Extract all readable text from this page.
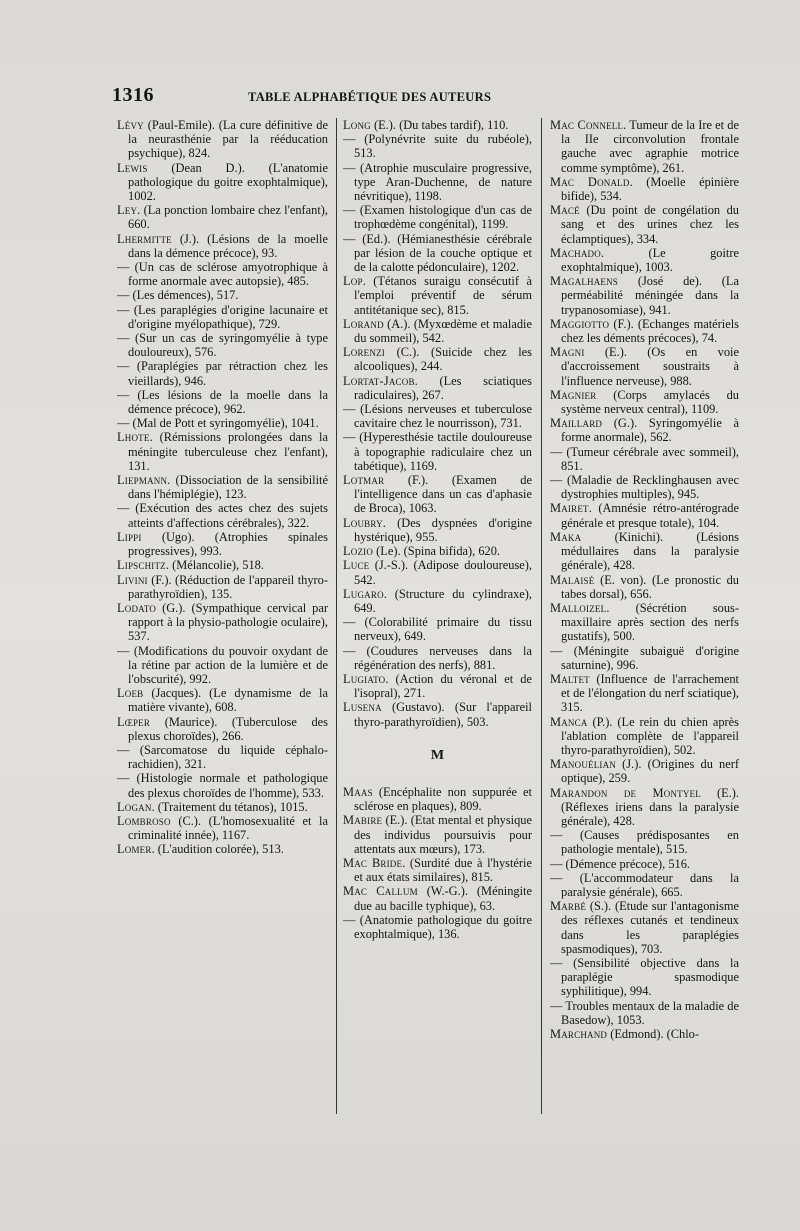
1316	TABLE ALPHABÉTIQUE DES AUTEURS
Lévy (Paul-Emile). (La cure définitive de la neurasthénie par la rééducation psychique), 824.
Lewis (Dean D.). (L'anatomie pathologique du goitre exophtalmique), 1002.
Ley. (La ponction lombaire chez l'enfant), 660.
Lhermitte (J.). (Lésions de la moelle dans la démence précoce), 93.
— (Un cas de sclérose amyotrophique à forme anormale avec autopsie), 485.
— (Les démences), 517.
— (Les paraplégies d'origine lacunaire et d'origine myélopathique), 729.
— (Sur un cas de syringomyélie à type douloureux), 576.
— (Paraplégies par rétraction chez les vieillards), 946.
— (Les lésions de la moelle dans la démence précoce), 962.
— (Mal de Pott et syringomyélie), 1041.
Lhote. (Rémissions prolongées dans la méningite tuberculeuse chez l'enfant), 131.
Liepmann. (Dissociation de la sensibilité dans l'hémiplégie), 123.
— (Exécution des actes chez des sujets atteints d'affections cérébrales), 322.
Lippi (Ugo). (Atrophies spinales progressives), 993.
Lipschitz. (Mélancolie), 518.
Livini (F.). (Réduction de l'appareil thyro-parathyroïdien), 135.
Lodato (G.). (Sympathique cervical par rapport à la physio-pathologie oculaire), 537.
— (Modifications du pouvoir oxydant de la rétine par action de la lumière et de l'obscurité), 992.
Loeb (Jacques). (Le dynamisme de la matière vivante), 608.
Lœper (Maurice). (Tuberculose des plexus choroïdes), 266.
— (Sarcomatose du liquide céphalo-rachidien), 321.
— (Histologie normale et pathologique des plexus choroïdes de l'homme), 533.
Logan. (Traitement du tétanos), 1015.
Lombroso (C.). (L'homosexualité et la criminalité innée), 1167.
Lomer. (L'audition colorée), 513.
Long (E.). (Du tabes tardif), 110.
— (Polynévrite suite du rubéole), 513.
— (Atrophie musculaire progressive, type Aran-Duchenne, de nature névritique), 1198.
— (Examen histologique d'un cas de trophœdème congénital), 1199.
— (Ed.). (Hémianesthésie cérébrale par lésion de la couche optique et de la calotte pédonculaire), 1202.
Lop. (Tétanos suraigu consécutif à l'emploi préventif de sérum antitétanique sec), 815.
Lorand (A.). (Myxœdème et maladie du sommeil), 542.
Lorenzi (C.). (Suicide chez les alcooliques), 244.
Lortat-Jacob. (Les sciatiques radiculaires), 267.
— (Lésions nerveuses et tuberculose cavitaire chez le nourrisson), 731.
— (Hyperesthésie tactile douloureuse à topographie radiculaire chez un tabétique), 1169.
Lotmar (F.). (Examen de l'intelligence dans un cas d'aphasie de Broca), 1063.
Loubry. (Des dyspnées d'origine hystérique), 955.
Lozio (Le). (Spina bifida), 620.
Luce (J.-S.). (Adipose douloureuse), 542.
Lugaro. (Structure du cylindraxe), 649.
— (Colorabilité primaire du tissu nerveux), 649.
— (Coudures nerveuses dans la régénération des nerfs), 881.
Lugiato. (Action du véronal et de l'isopral), 271.
Lusena (Gustavo). (Sur l'appareil thyro-parathyroïdien), 503.
M
Maas (Encéphalite non suppurée et sclérose en plaques), 809.
Mabire (E.). (Etat mental et physique des individus poursuivis pour attentats aux mœurs), 173.
Mac Bride. (Surdité due à l'hystérie et aux états similaires), 815.
Mac Callum (W.-G.). (Méningite due au bacille typhique), 63.
— (Anatomie pathologique du goitre exophtalmique), 136.
Mac Connell. Tumeur de la Ire et de la IIe circonvolution frontale gauche avec agraphie motrice comme symptôme), 261.
Mac Donald. (Moelle épinière bifide), 534.
Macé (Du point de congélation du sang et des urines chez les éclamptiques), 334.
Machado. (Le goitre exophtalmique), 1003.
Magalhaens (José de). (La perméabilité méningée dans la trypanosomiase), 941.
Maggiotto (F.). (Echanges matériels chez les déments précoces), 74.
Magni (E.). (Os en voie d'accroissement soustraits à l'influence nerveuse), 988.
Magnier (Corps amylacés du système nerveux central), 1109.
Maillard (G.). Syringomyélie à forme anormale), 562.
— (Tumeur cérébrale avec sommeil), 851.
— (Maladie de Recklinghausen avec dystrophies multiples), 945.
Mairet. (Amnésie rétro-antérograde générale et presque totale), 104.
Maka (Kinichi). (Lésions médullaires dans la paralysie générale), 428.
Malaisé (E. von). (Le pronostic du tabes dorsal), 656.
Malloizel. (Sécrétion sous-maxillaire après section des nerfs gustatifs), 500.
— (Méningite subaiguë d'origine saturnine), 996.
Maltet (Influence de l'arrachement et de l'élongation du nerf sciatique), 315.
Manca (P.). (Le rein du chien après l'ablation complète de l'appareil thyro-parathyroïdien), 502.
Manouélian (J.). (Origines du nerf optique), 259.
Marandon de Montyel (E.). (Réflexes iriens dans la paralysie générale), 428.
— (Causes prédisposantes en pathologie mentale), 515.
— (Démence précoce), 516.
— (L'accommodateur dans la paralysie générale), 665.
Marbé (S.). (Etude sur l'antagonisme des réflexes cutanés et tendineux dans les paraplégies spasmodiques), 703.
— (Sensibilité objective dans la paraplégie spasmodique syphilitique), 994.
— Troubles mentaux de la maladie de Basedow), 1053.
Marchand (Edmond). (Chlo-
